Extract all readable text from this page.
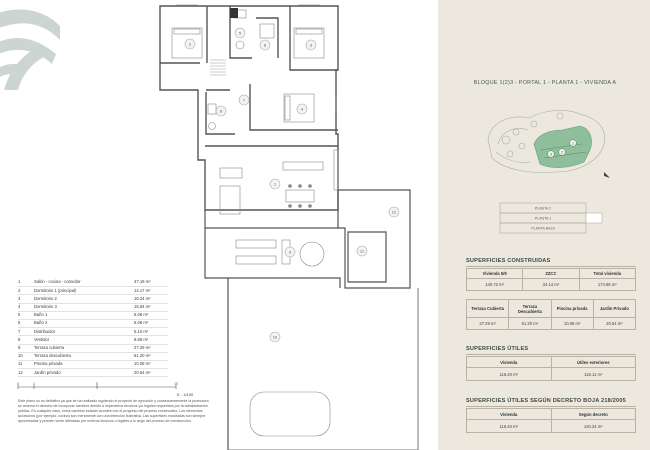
2	3
4
5
8
7
6
1
9
10
11
12
1	Salón - cocina - comedor	47.19 m²
2	Dormitorio 1 (principal)	14.17 m²
3	Dormitorio 2	16.24 m²
4	Dormitorio 3	15.84 m²
5	Baño 1	5.08 m²
6	Baño 2	5.08 m²
7	Distribuidor	5.10 m²
8	Vestidor	8.68 m²
9	Terraza cubierta	27.29 m²
10	Terraza descubierta	61.20 m²
11	Piscina privada	10.08 m²
12	Jardín privado	20.54 m²
0	1	5	10
E - 1/100
Este plano no es definitivo ya que se ha realizado siguiendo el proyecto de ejecución y consecuentemente la promotora se reserva el derecho de incorporar cambios debido a imperativos técnicos y/o legales requeridos por la administración pública. En cualquier caso, estos cambios estarán acordes con el progreso del proceso constructivo. Los elementos accesorios (por ejemplo, cocina) son meramente con una intención ilustrativa. Las superficies mostradas son siempre aproximadas y pueden verse alteradas por motivos técnicos o legales a lo largo del proceso de construcción.
BLOQUE 1(2)3 - PORTAL 1 - PLANTA 1 - VIVIENDA A
1
2
3
PLANTA 2
PLANTA 1
PLANTA BAJA
SUPERFICIES CONSTRUIDAS
Vivienda 5/9	ZZCC	Total vivienda
140.72 m²	34.14 m²	174.86 m²
Terraza Cubierta	Terraza Descubierta	Piscina privada	Jardín Privado
27.29 m²	61.20 m²	10.08 m²	20.54 m²
SUPERFICIES ÚTILES
Vivienda	Útiles exteriores
116.40 m²	119.11 m²
SUPERFICIES ÚTILES SEGÚN DECRETO BOJA 218/2005
Vivienda	Según decreto
116.40 m²	130.24 m²
